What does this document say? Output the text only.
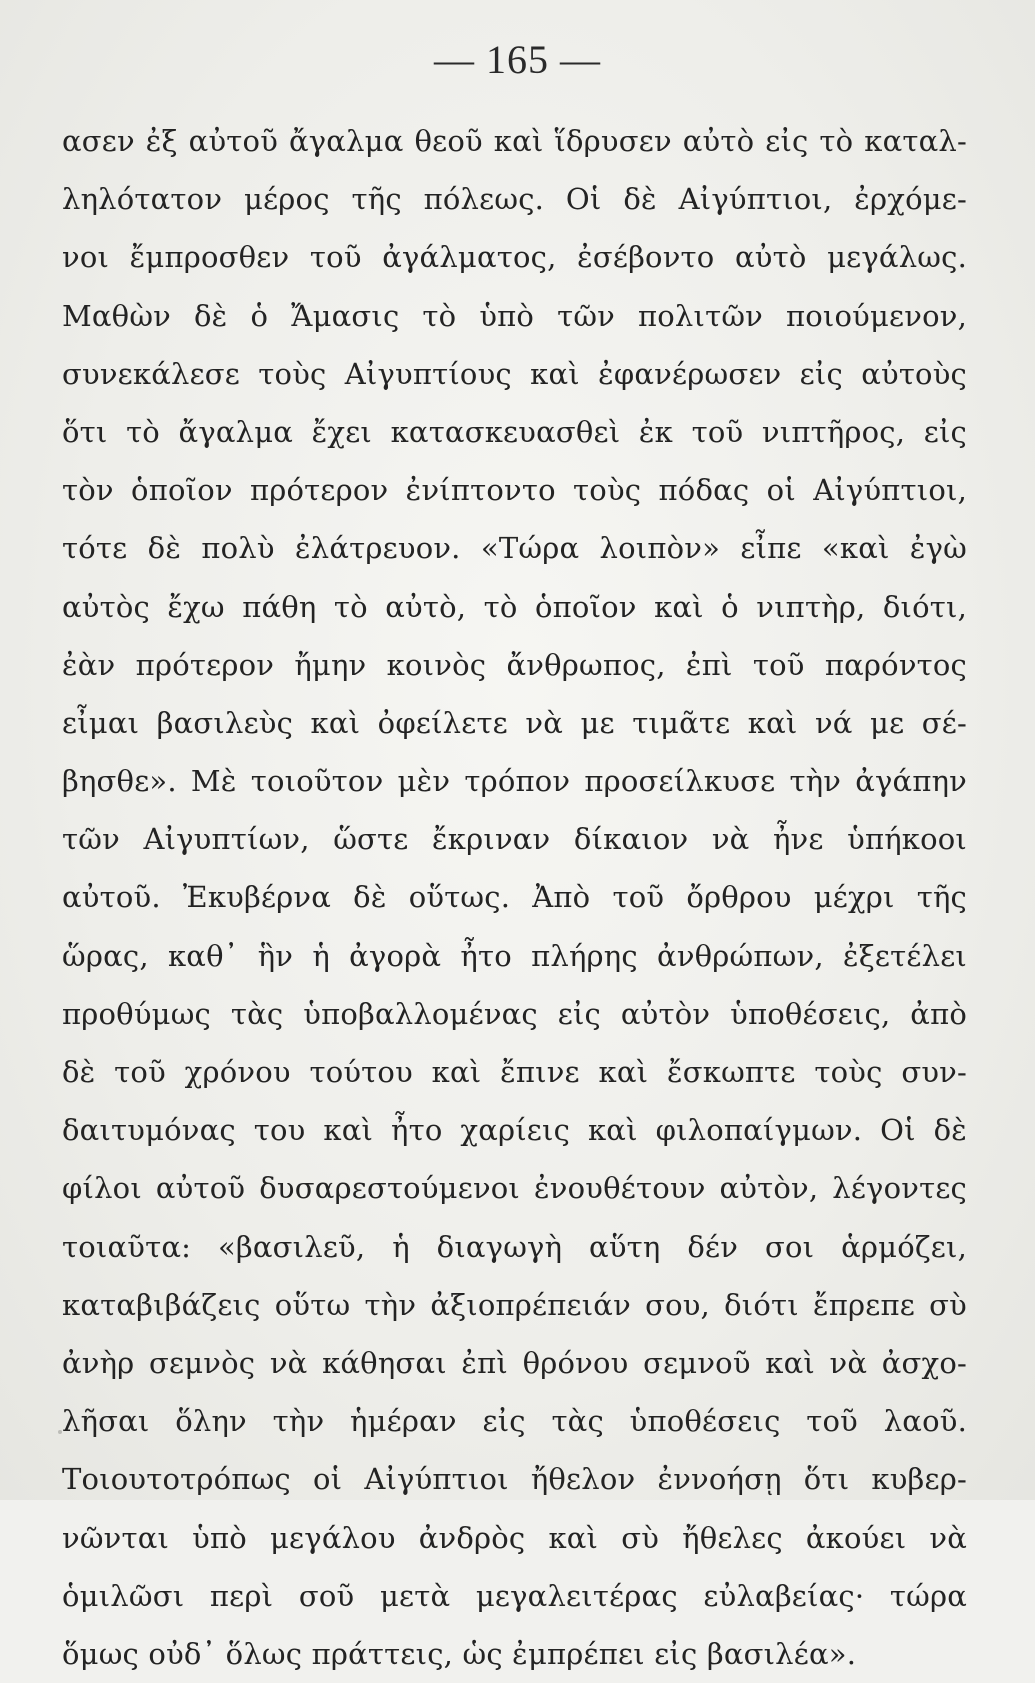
— 165 —
ασεν ἐξ αὐτοῦ ἄγαλμα θεοῦ καὶ ἵδρυσεν αὐτὸ εἰς τὸ καταλ-
ληλότατον μέρος τῆς πόλεως. Οἱ δὲ Αἰγύπτιοι, ἐρχόμε-
νοι ἔμπροσθεν τοῦ ἀγάλματος, ἐσέβοντο αὐτὸ μεγάλως.
Μαθὼν δὲ ὁ Ἄμασις τὸ ὑπὸ τῶν πολιτῶν ποιούμενον,
συνεκάλεσε τοὺς Αἰγυπτίους καὶ ἐφανέρωσεν εἰς αὐτοὺς
ὅτι τὸ ἄγαλμα ἔχει κατασκευασθεὶ ἐκ τοῦ νιπτῆρος, εἰς
τὸν ὁποῖον πρότερον ἐνίπτοντο τοὺς πόδας οἱ Αἰγύπτιοι,
τότε δὲ πολὺ ἐλάτρευον. «Τώρα λοιπὸν» εἶπε «καὶ ἐγὼ
αὐτὸς ἔχω πάθη τὸ αὐτὸ, τὸ ὁποῖον καὶ ὁ νιπτὴρ, διότι,
ἐὰν πρότερον ἤμην κοινὸς ἄνθρωπος, ἐπὶ τοῦ παρόντος
εἶμαι βασιλεὺς καὶ ὀφείλετε νὰ με τιμᾶτε καὶ νά με σέ-
βησθε». Μὲ τοιοῦτον μὲν τρόπον προσείλκυσε τὴν ἀγάπην
τῶν Αἰγυπτίων, ὥστε ἔκριναν δίκαιον νὰ ἦνε ὑπήκοοι
αὐτοῦ. Ἐκυβέρνα δὲ οὕτως. Ἀπὸ τοῦ ὄρθρου μέχρι τῆς
ὥρας, καθ᾽ ἣν ἡ ἀγορὰ ἦτο πλήρης ἀνθρώπων, ἐξετέλει
προθύμως τὰς ὑποβαλλομένας εἰς αὐτὸν ὑποθέσεις, ἀπὸ
δὲ τοῦ χρόνου τούτου καὶ ἔπινε καὶ ἔσκωπτε τοὺς συν-
δαιτυμόνας του καὶ ἦτο χαρίεις καὶ φιλοπαίγμων. Οἱ δὲ
φίλοι αὐτοῦ δυσαρεστούμενοι ἐνουθέτουν αὐτὸν, λέγοντες
τοιαῦτα: «βασιλεῦ, ἡ διαγωγὴ αὕτη δέν σοι ἁρμόζει,
καταβιβάζεις οὕτω τὴν ἀξιοπρέπειάν σου, διότι ἔπρεπε σὺ
ἀνὴρ σεμνὸς νὰ κάθησαι ἐπὶ θρόνου σεμνοῦ καὶ νὰ ἀσχο-
λῆσαι ὅλην τὴν ἡμέραν εἰς τὰς ὑποθέσεις τοῦ λαοῦ.
Τοιουτοτρόπως οἱ Αἰγύπτιοι ἤθελον ἐννοήσῃ ὅτι κυβερ-
νῶνται ὑπὸ μεγάλου ἀνδρὸς καὶ σὺ ἤθελες ἀκούει νὰ
ὁμιλῶσι περὶ σοῦ μετὰ μεγαλειτέρας εὐλαβείας· τώρα
ὅμως οὐδ᾽ ὅλως πράττεις, ὡς ἐμπρέπει εἰς βασιλέα».
